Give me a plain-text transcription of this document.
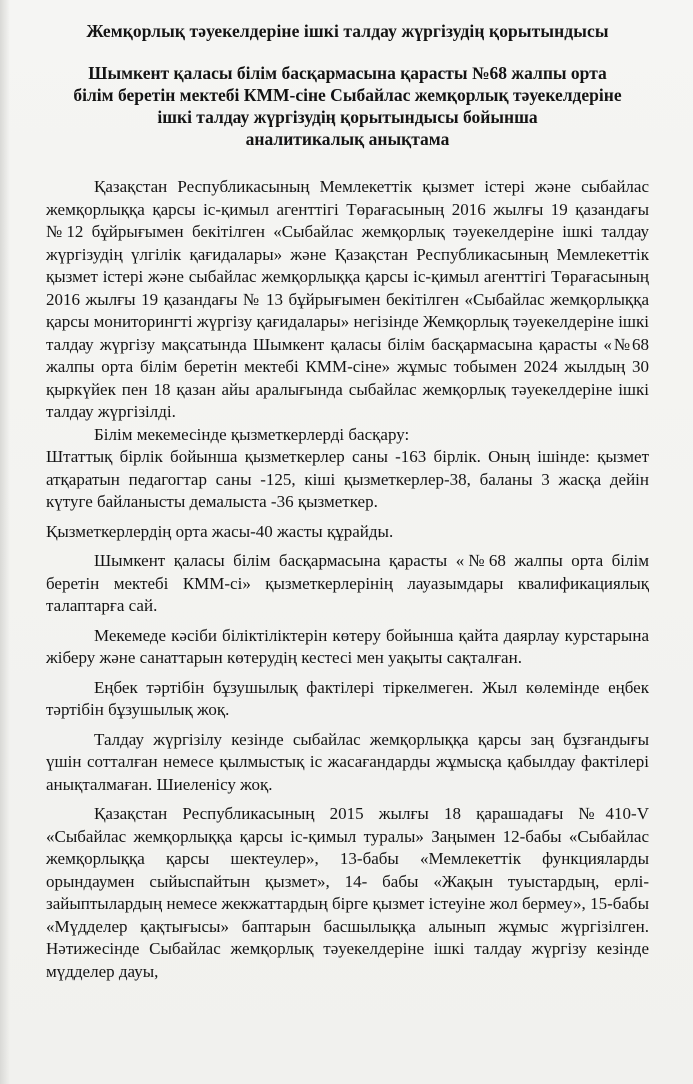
Жемқорлық тәуекелдеріне ішкі талдау жүргізудің қорытындысы
Шымкент қаласы білім басқармасына қарасты №68 жалпы орта
білім беретін мектебі КММ-сіне Сыбайлас жемқорлық тәуекелдеріне
ішкі талдау жүргізудің қорытындысы бойынша
аналитикалық анықтама

Қазақстан Республикасының Мемлекеттік қызмет істері және сыбайлас жемқорлыққа қарсы іс-қимыл агенттігі Төрағасының 2016 жылғы 19 қазандағы №12 бұйрығымен бекітілген «Сыбайлас жемқорлық тәуекелдеріне ішкі талдау жүргізудің үлгілік қағидалары» және Қазақстан Республикасының Мемлекеттік қызмет істері және сыбайлас жемқорлыққа қарсы іс-қимыл агенттігі Төрағасының 2016 жылғы 19 қазандағы № 13 бұйрығымен бекітілген «Сыбайлас жемқорлыққа қарсы мониторингті жүргізу қағидалары» негізінде Жемқорлық тәуекелдеріне ішкі талдау жүргізу мақсатында Шымкент қаласы білім басқармасына қарасты «№68 жалпы орта білім беретін мектебі КММ-сіне» жұмыс тобымен 2024 жылдың 30 қыркүйек пен 18 қазан айы аралығында сыбайлас жемқорлық тәуекелдеріне ішкі талдау жүргізілді.

Білім мекемесінде қызметкерлерді басқару:

Штаттық бірлік бойынша қызметкерлер саны -163 бірлік. Оның ішінде: қызмет атқаратын педагогтар саны -125, кіші қызметкерлер-38, баланы 3 жасқа дейін күтуге байланысты демалыста -36 қызметкер.

Қызметкерлердің орта жасы-40 жасты құрайды.

Шымкент қаласы білім басқармасына қарасты «№68 жалпы орта білім беретін мектебі КММ-сі» қызметкерлерінің лауазымдары квалификациялық талаптарға сай.

Мекемеде кәсіби біліктіліктерін көтеру бойынша қайта даярлау курстарына жіберу және санаттарын көтерудің кестесі мен уақыты сақталған.

Еңбек тәртібін бұзушылық фактілері тіркелмеген. Жыл көлемінде еңбек тәртібін бұзушылық жоқ.

Талдау жүргізілу кезінде сыбайлас жемқорлыққа қарсы заң бұзғандығы үшін сотталған немесе қылмыстық іс жасағандарды жұмысқа қабылдау фактілері анықталмаған. Шиеленісу жоқ.

Қазақстан Республикасының 2015 жылғы 18 қарашадағы №410-V «Сыбайлас жемқорлыққа қарсы іс-қимыл туралы» Заңымен 12-бабы «Сыбайлас жемқорлыққа қарсы шектеулер», 13-бабы «Мемлекеттік функцияларды орындаумен сыйыспайтын қызмет», 14- бабы «Жақын туыстардың, ерлі-зайыптылардың немесе жекжаттардың бірге қызмет істеуіне жол бермеу», 15-бабы «Мүдделер қақтығысы» баптарын басшылыққа алынып жұмыс жүргізілген. Нәтижесінде Сыбайлас жемқорлық тәуекелдеріне ішкі талдау жүргізу кезінде мүдделер дауы,
